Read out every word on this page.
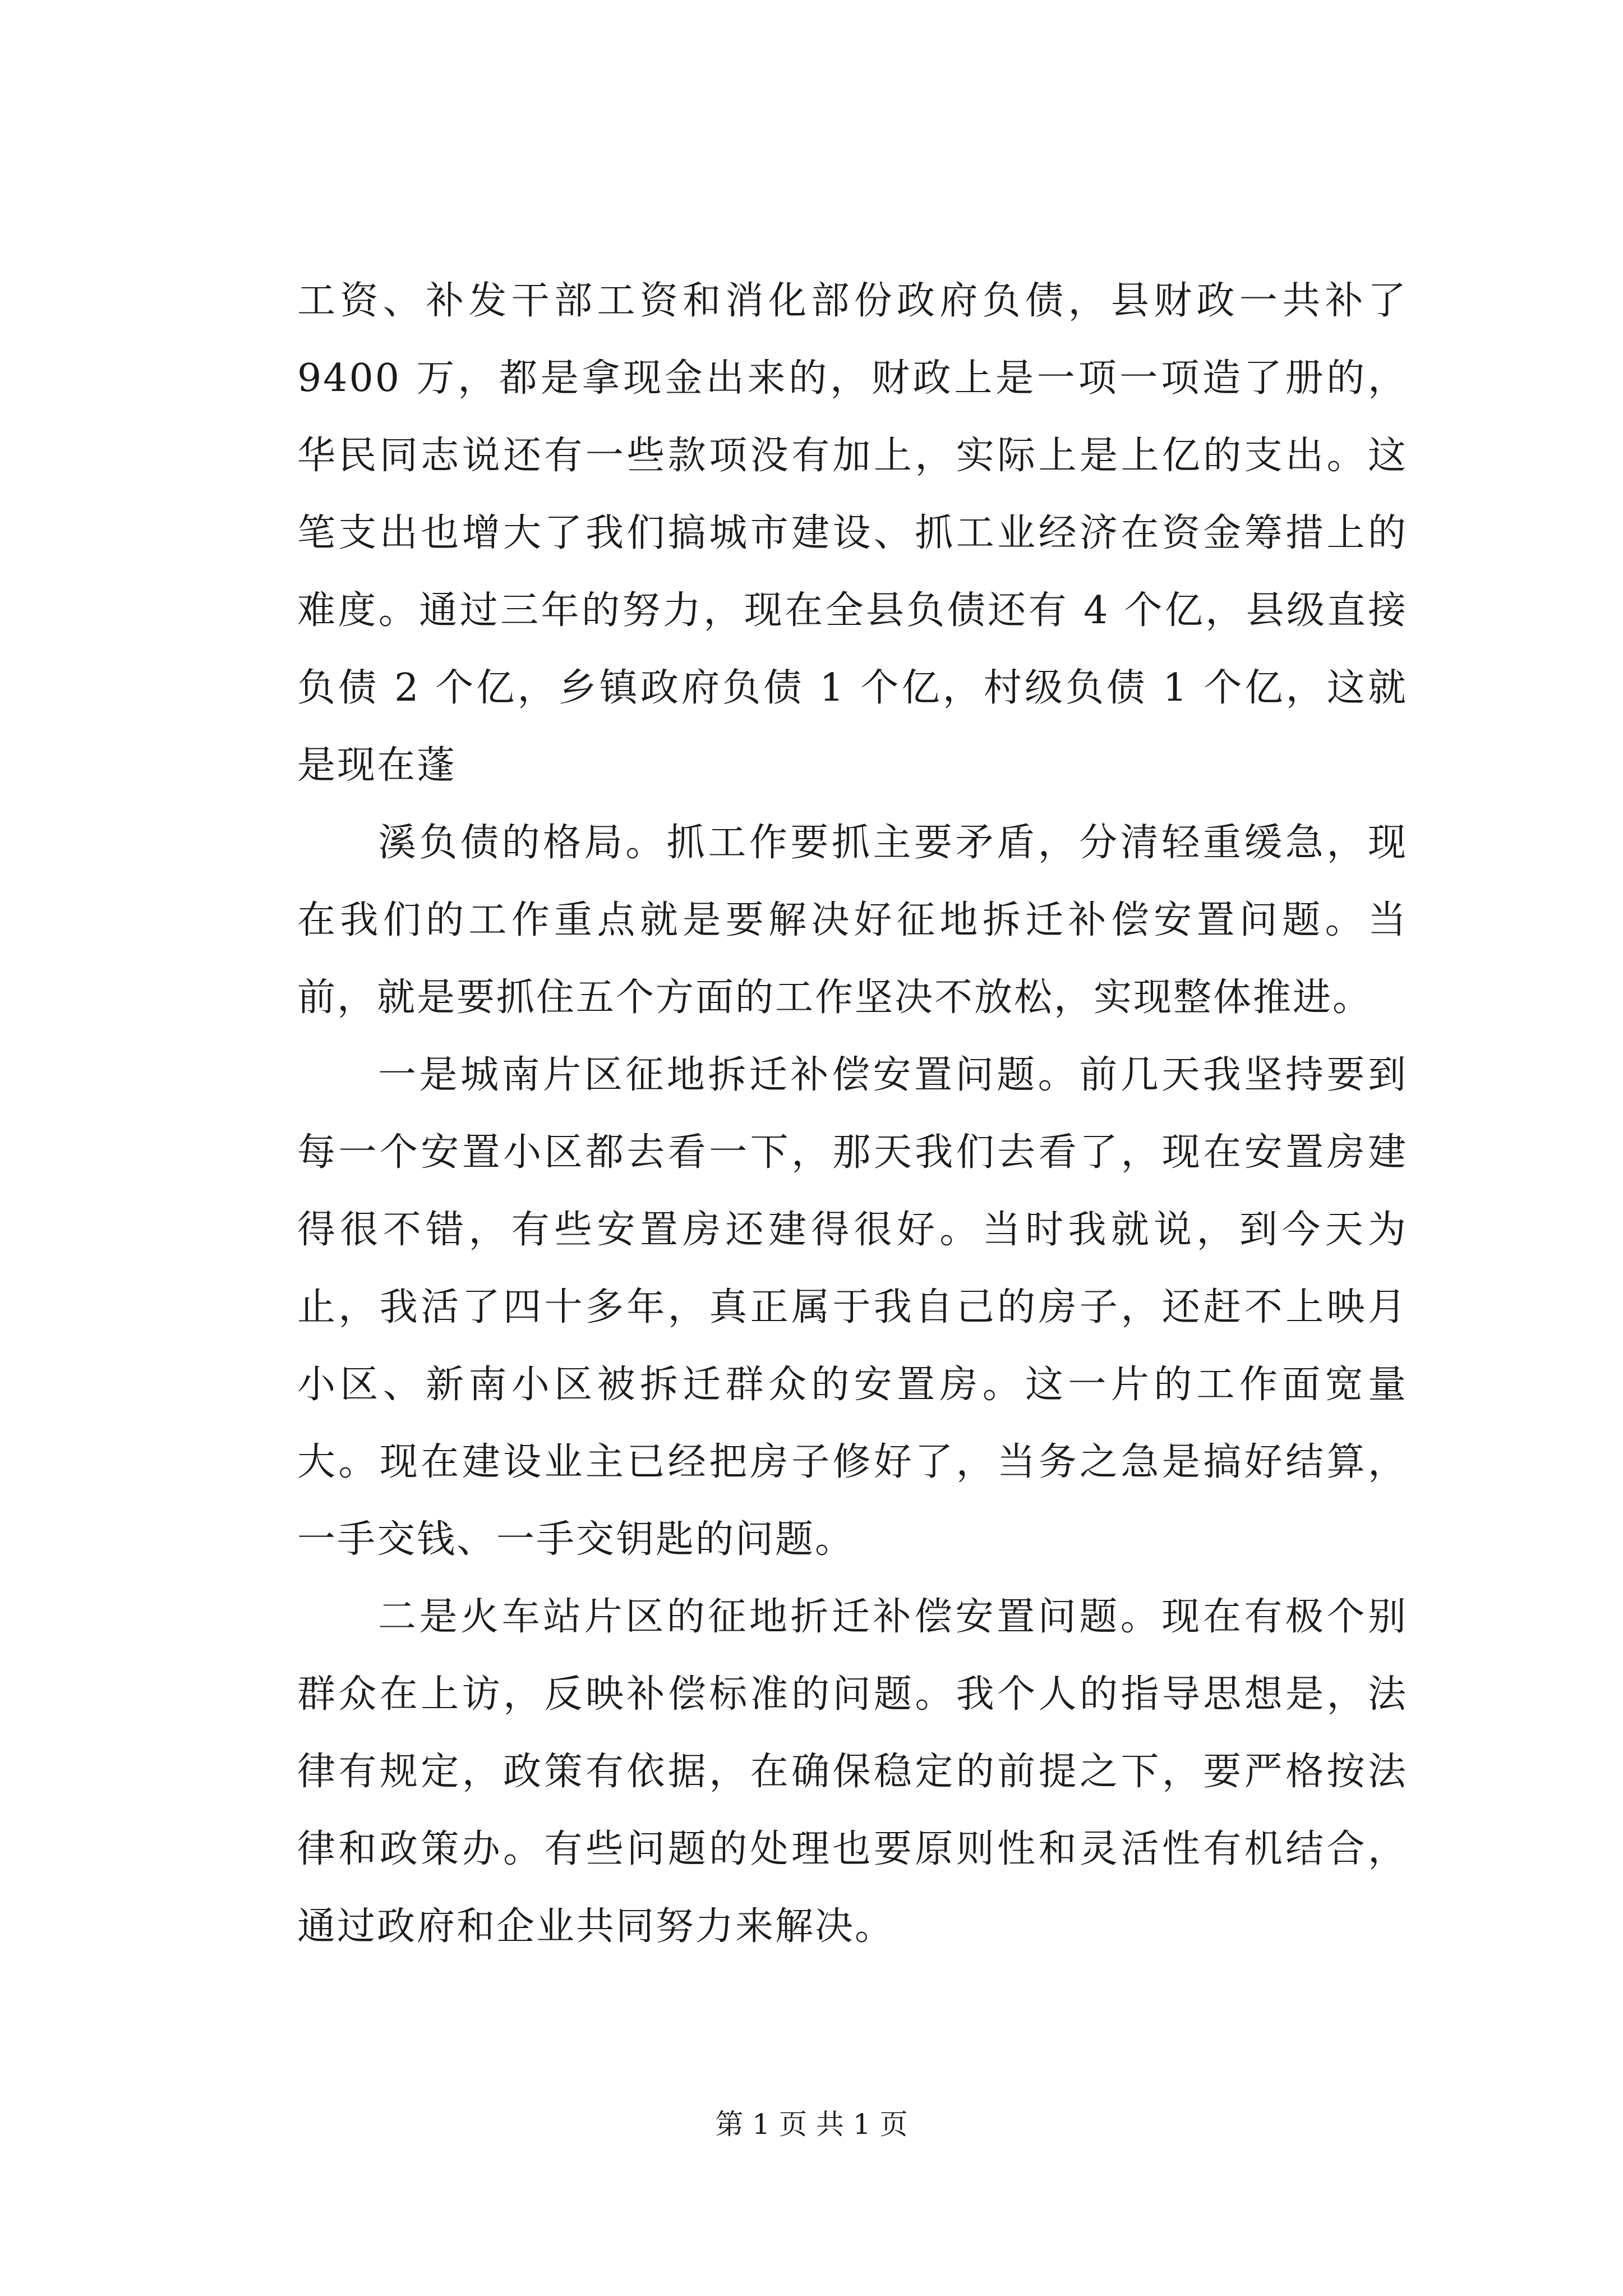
工资、补发干部工资和消化部份政府负债，县财政一共补了 9400 万，都是拿现金出来的，财政上是一项一项造了册的，华民同志说还有一些款项没有加上，实际上是上亿的支出。这笔支出也增大了我们搞城市建设、抓工业经济在资金筹措上的难度。通过三年的努力，现在全县负债还有 4 个亿，县级直接负债 2 个亿，乡镇政府负债 1 个亿，村级负债 1 个亿，这就是现在蓬

溪负债的格局。抓工作要抓主要矛盾，分清轻重缓急，现在我们的工作重点就是要解决好征地拆迁补偿安置问题。当前，就是要抓住五个方面的工作坚决不放松，实现整体推进。

一是城南片区征地拆迁补偿安置问题。前几天我坚持要到每一个安置小区都去看一下，那天我们去看了，现在安置房建得很不错，有些安置房还建得很好。当时我就说，到今天为止，我活了四十多年，真正属于我自己的房子，还赶不上映月小区、新南小区被拆迁群众的安置房。这一片的工作面宽量大。现在建设业主已经把房子修好了，当务之急是搞好结算，一手交钱、一手交钥匙的问题。

二是火车站片区的征地折迁补偿安置问题。现在有极个别群众在上访，反映补偿标准的问题。我个人的指导思想是，法律有规定，政策有依据，在确保稳定的前提之下，要严格按法律和政策办。有些问题的处理也要原则性和灵活性有机结合，通过政府和企业共同努力来解决。

第 1 页 共 1 页
